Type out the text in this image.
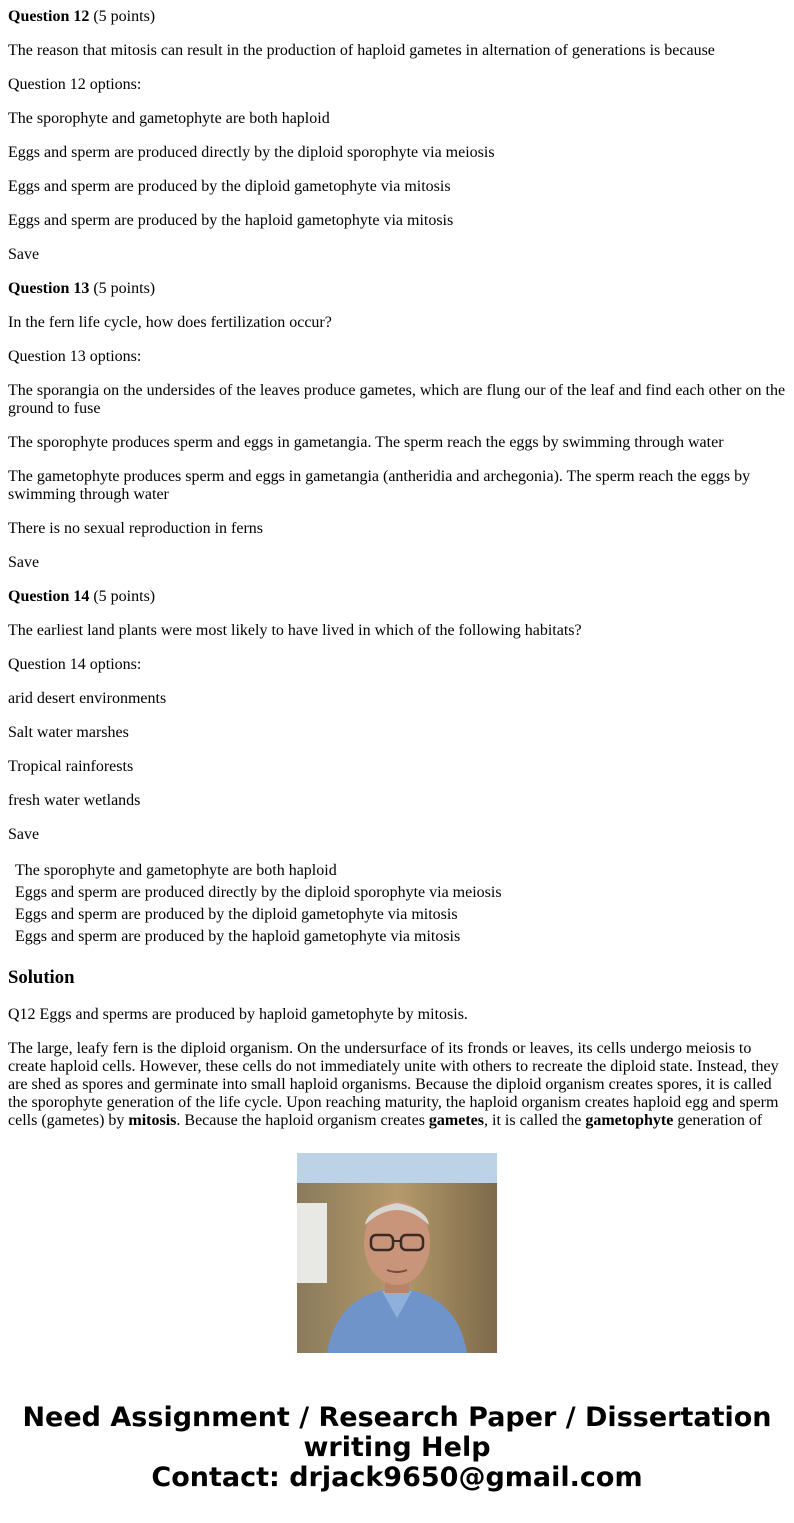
Question 12 (5 points)

The reason that mitosis can result in the production of haploid gametes in alternation of generations is because

Question 12 options:

The sporophyte and gametophyte are both haploid

Eggs and sperm are produced directly by the diploid sporophyte via meiosis

Eggs and sperm are produced by the diploid gametophyte via mitosis

Eggs and sperm are produced by the haploid gametophyte via mitosis

Save

Question 13 (5 points)

In the fern life cycle, how does fertilization occur?

Question 13 options:

The sporangia on the undersides of the leaves produce gametes, which are flung our of the leaf and find each other on the ground to fuse

The sporophyte produces sperm and eggs in gametangia. The sperm reach the eggs by swimming through water

The gametophyte produces sperm and eggs in gametangia (antheridia and archegonia). The sperm reach the eggs by swimming through water

There is no sexual reproduction in ferns

Save

Question 14 (5 points)

The earliest land plants were most likely to have lived in which of the following habitats?

Question 14 options:

arid desert environments

Salt water marshes

Tropical rainforests

fresh water wetlands

Save

The sporophyte and gametophyte are both haploid
Eggs and sperm are produced directly by the diploid sporophyte via meiosis
Eggs and sperm are produced by the diploid gametophyte via mitosis
Eggs and sperm are produced by the haploid gametophyte via mitosis
Solution

Q12 Eggs and sperms are produced by haploid gametophyte by mitosis.

The large, leafy fern is the diploid organism. On the undersurface of its fronds or leaves, its cells undergo meiosis to create haploid cells. However, these cells do not immediately unite with others to recreate the diploid state. Instead, they are shed as spores and germinate into small haploid organisms. Because the diploid organism creates spores, it is called the sporophyte generation of the life cycle. Upon reaching maturity, the haploid organism creates haploid egg and sperm cells (gametes) by mitosis. Because the haploid organism creates gametes, it is called the gametophyte generation of
Need Assignment / Research Paper / Dissertation
writing Help
Contact: drjack9650@gmail.com
